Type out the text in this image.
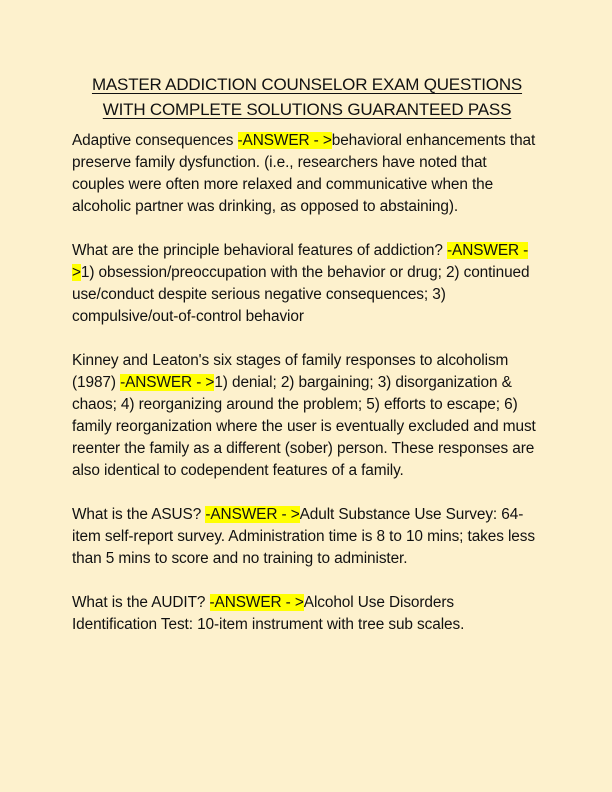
MASTER ADDICTION COUNSELOR EXAM QUESTIONS
WITH COMPLETE SOLUTIONS GUARANTEED PASS

Adaptive consequences -ANSWER - >behavioral enhancements that preserve family dysfunction. (i.e., researchers have noted that couples were often more relaxed and communicative when the alcoholic partner was drinking, as opposed to abstaining).

What are the principle behavioral features of addiction? -ANSWER - >1) obsession/preoccupation with the behavior or drug; 2) continued use/conduct despite serious negative consequences; 3) compulsive/out-of-control behavior

Kinney and Leaton's six stages of family responses to alcoholism (1987) -ANSWER - >1) denial; 2) bargaining; 3) disorganization & chaos; 4) reorganizing around the problem; 5) efforts to escape; 6) family reorganization where the user is eventually excluded and must reenter the family as a different (sober) person. These responses are also identical to codependent features of a family.

What is the ASUS? -ANSWER - >Adult Substance Use Survey: 64-item self-report survey. Administration time is 8 to 10 mins; takes less than 5 mins to score and no training to administer.

What is the AUDIT? -ANSWER - >Alcohol Use Disorders Identification Test: 10-item instrument with tree sub scales.
